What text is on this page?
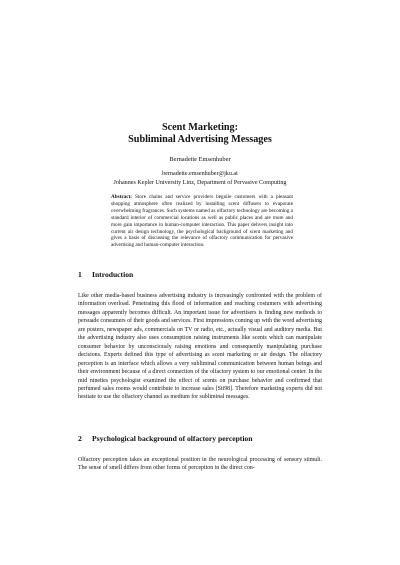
Scent Marketing:
Subliminal Advertising Messages
Bernadette Emsenhuber
bernadette.emsenhuber@jku.at
Johannes Kepler University Linz, Department of Pervasive Computing
Abstract: Store chains and service providers beguile customers with a pleasant shopping atmosphere often realized by installing scent diffusers to evaporate overwhelming fragrances. Such systems named as olfactory technology are becoming a standard interior of commercial locations as well as public places and are more and more gain importance in human-computer interaction. This paper delivers insight into current air design technology, the psychological background of scent marketing and gives a basis of discussing the relevance of olfactory communication for pervasive advertising and human-computer interaction.
1 Introduction
Like other media-based business advertising industry is increasingly confronted with the problem of information overload. Penetrating this flood of information and reaching costumers with advertising messages apparently becomes difficult. An important issue for advertisers is finding new methods to persuade consumers of their goods and services. First impressions coming up with the word advertising are posters, newspaper ads, commercials on TV or radio, etc., actually visual and auditory media. But the advertising industry also uses consumption raising instruments like scents which can manipulate consumer behavior by unconsciously raising emotions and consequently manipulating purchase decisions. Experts defined this type of advertising as scent marketing or air design. The olfactory perception is an interface which allows a very subliminal communication between human beings and their environment because of a direct connection of the olfactory system to our emotional center. In the mid nineties psychologist examined the effect of scents on purchase behavior and confirmed that perfumed sales rooms would contribute to increase sales [Sti98]. Therefore marketing experts did not hesitate to use the olfactory channel as medium for subliminal messages.
2 Psychological background of olfactory perception
Olfactory perception takes an exceptional position in the neurological processing of sensory stimuli. The sense of smell differs from other forms of perception in the direct con-
